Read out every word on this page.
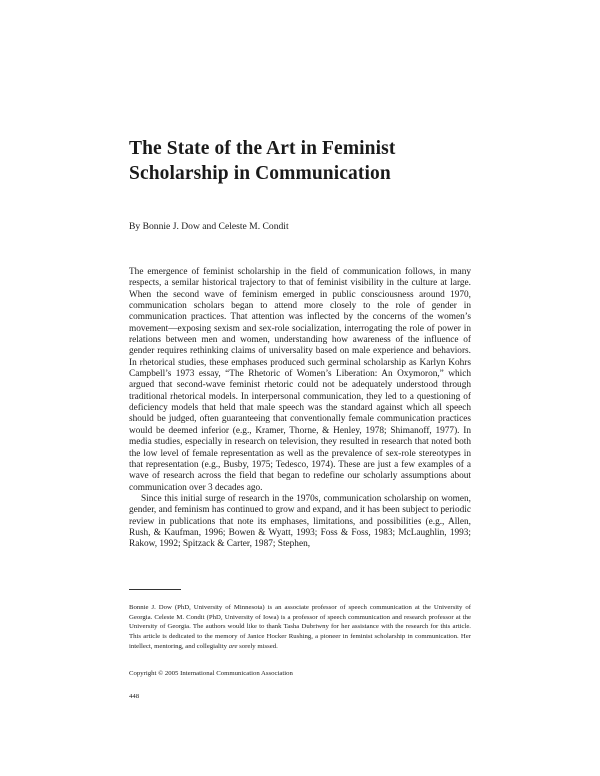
The State of the Art in Feminist
Scholarship in Communication
By Bonnie J. Dow and Celeste M. Condit

The emergence of feminist scholarship in the field of communication follows, in many respects, a semilar historical trajectory to that of feminist visibility in the culture at large. When the second wave of feminism emerged in public consciousness around 1970, communication scholars began to attend more closely to the role of gender in communication practices. That attention was inflected by the concerns of the women’s movement—exposing sexism and sex-role socialization, interrogating the role of power in relations between men and women, understanding how awareness of the influence of gender requires rethinking claims of universality based on male experience and behaviors. In rhetorical studies, these emphases produced such germinal scholarship as Karlyn Kohrs Campbell’s 1973 essay, “The Rhetoric of Women’s Liberation: An Oxymoron,” which argued that second-wave feminist rhetoric could not be adequately understood through traditional rhetorical models. In interpersonal communication, they led to a questioning of deficiency models that held that male speech was the standard against which all speech should be judged, often guaranteeing that conventionally female communication practices would be deemed inferior (e.g., Kramer, Thorne, & Henley, 1978; Shimanoff, 1977). In media studies, especially in research on television, they resulted in research that noted both the low level of female representation as well as the prevalence of sex-role stereotypes in that representation (e.g., Busby, 1975; Tedesco, 1974). These are just a few examples of a wave of research across the field that began to redefine our scholarly assumptions about communication over 3 decades ago.

Since this initial surge of research in the 1970s, communication scholarship on women, gender, and feminism has continued to grow and expand, and it has been subject to periodic review in publications that note its emphases, limitations, and possibilities (e.g., Allen, Rush, & Kaufman, 1996; Bowen & Wyatt, 1993; Foss & Foss, 1983; McLaughlin, 1993; Rakow, 1992; Spitzack & Carter, 1987; Stephen,

Bonnie J. Dow (PhD, University of Minnesota) is an associate professor of speech communication at the University of Georgia. Celeste M. Condit (PhD, University of Iowa) is a professor of speech communication and research professor at the University of Georgia. The authors would like to thank Tasha Dubriwny for her assistance with the research for this article. This article is dedicated to the memory of Janice Hocker Rushing, a pioneer in feminist scholarship in communication. Her intellect, mentoring, and collegiality are sorely missed.

Copyright © 2005 International Communication Association
448
